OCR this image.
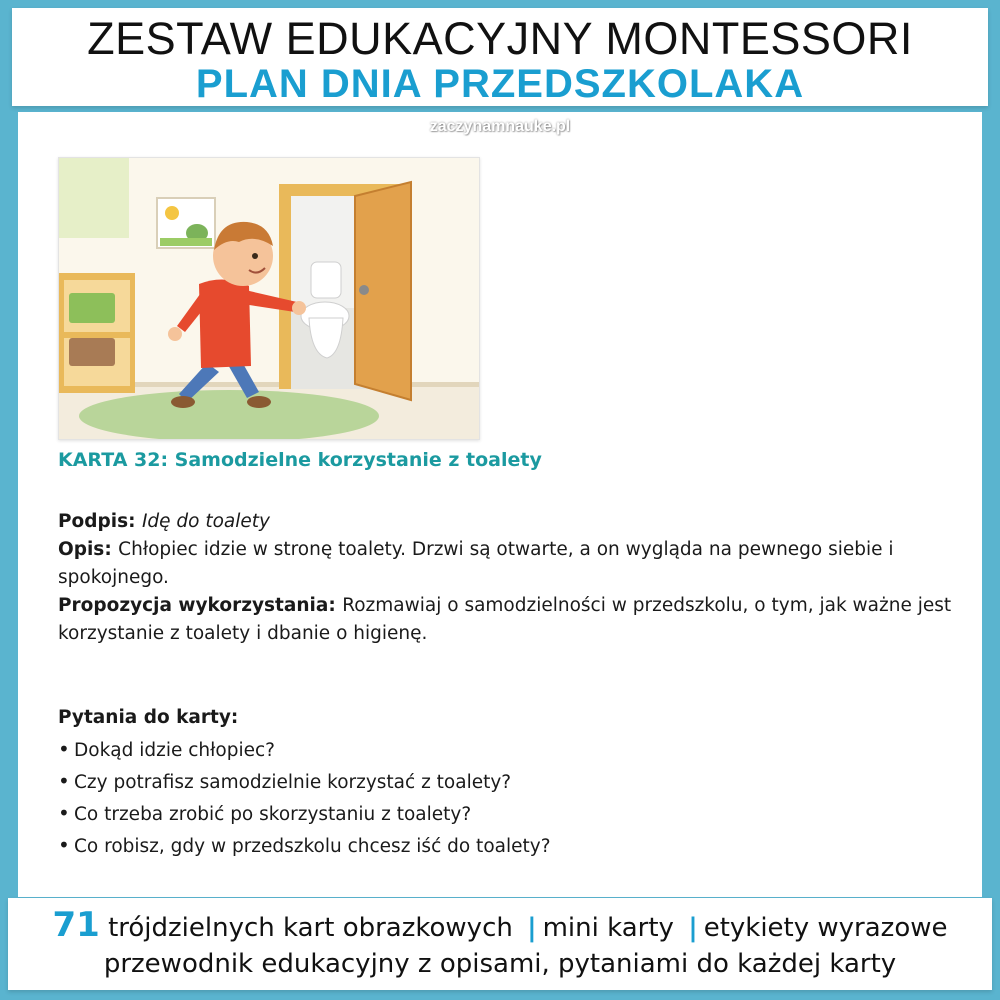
ZESTAW EDUKACYJNY MONTESSORI
PLAN DNIA PRZEDSZKOLAKA
KARTA 32: Samodzielne korzystanie z toalety
Podpis: Idę do toalety
Opis: Chłopiec idzie w stronę toalety. Drzwi są otwarte, a on wygląda na pewnego siebie i spokojnego.
Propozycja wykorzystania: Rozmawiaj o samodzielności w przedszkolu, o tym, jak ważne jest korzystanie z toalety i dbanie o higienę.
Pytania do karty:
• Dokąd idzie chłopiec?
• Czy potrafisz samodzielnie korzystać z toalety?
• Co trzeba zrobić po skorzystaniu z toalety?
• Co robisz, gdy w przedszkolu chcesz iść do toalety?
zaczynamnauke.pl
71 trójdzielnych kart obrazkowych | mini karty | etykiety wyrazowe
przewodnik edukacyjny z opisami, pytaniami do każdej karty
